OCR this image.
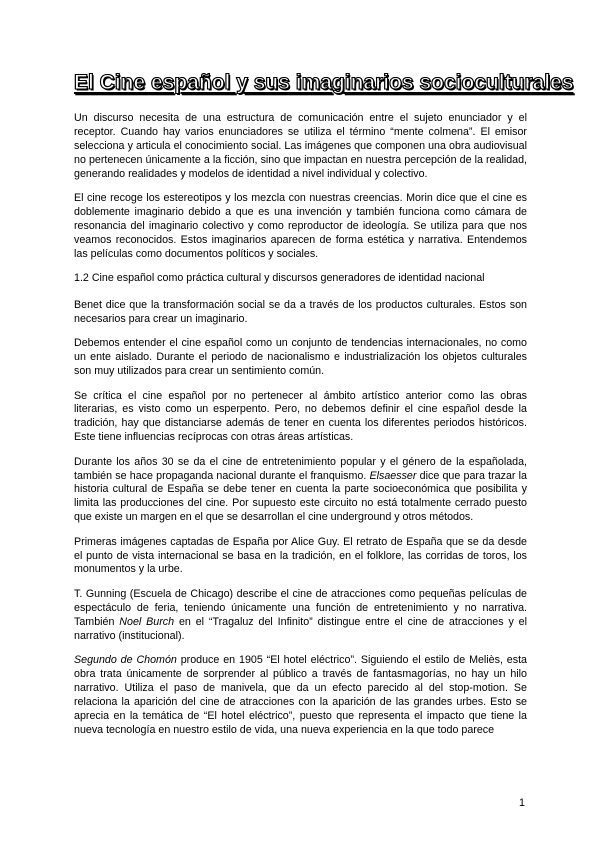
El Cine español y sus imaginarios socioculturales

Un discurso necesita de una estructura de comunicación entre el sujeto enunciador y el receptor. Cuando hay varios enunciadores se utiliza el término “mente colmena”. El emisor selecciona y articula el conocimiento social. Las imágenes que componen una obra audiovisual no pertenecen únicamente a la ficción, sino que impactan en nuestra percepción de la realidad, generando realidades y modelos de identidad a nivel individual y colectivo.

El cine recoge los estereotipos y los mezcla con nuestras creencias. Morin dice que el cine es doblemente imaginario debido a que es una invención y también funciona como cámara de resonancia del imaginario colectivo y como reproductor de ideología. Se utiliza para que nos veamos reconocidos. Estos imaginarios aparecen de forma estética y narrativa. Entendemos las películas como documentos políticos y sociales.

1.2 Cine español como práctica cultural y discursos generadores de identidad nacional

Benet dice que la transformación social se da a través de los productos culturales. Estos son necesarios para crear un imaginario.

Debemos entender el cine español como un conjunto de tendencias internacionales, no como un ente aislado. Durante el periodo de nacionalismo e industrialización los objetos culturales son muy utilizados para crear un sentimiento común.

Se crítica el cine español por no pertenecer al ámbito artístico anterior como las obras literarias, es visto como un esperpento. Pero, no debemos definir el cine español desde la tradición, hay que distanciarse además de tener en cuenta los diferentes periodos históricos. Este tiene influencias recíprocas con otras áreas artísticas.

Durante los años 30 se da el cine de entretenimiento popular y el género de la españolada, también se hace propaganda nacional durante el franquismo. Elsaesser dice que para trazar la historia cultural de España se debe tener en cuenta la parte socioeconómica que posibilita y limita las producciones del cine. Por supuesto este circuito no está totalmente cerrado puesto que existe un margen en el que se desarrollan el cine underground y otros métodos.

Primeras imágenes captadas de España por Alice Guy. El retrato de España que se da desde el punto de vista internacional se basa en la tradición, en el folklore, las corridas de toros, los monumentos y la urbe.

T. Gunning (Escuela de Chicago) describe el cine de atracciones como pequeñas películas de espectáculo de feria, teniendo únicamente una función de entretenimiento y no narrativa. También Noel Burch en el “Tragaluz del Infinito” distingue entre el cine de atracciones y el narrativo (institucional).

Segundo de Chomón produce en 1905 “El hotel eléctrico”. Siguiendo el estilo de Meliès, esta obra trata únicamente de sorprender al público a través de fantasmagorías, no hay un hilo narrativo. Utiliza el paso de manivela, que da un efecto parecido al del stop-motion. Se relaciona la aparición del cine de atracciones con la aparición de las grandes urbes. Esto se aprecia en la temática de “El hotel eléctrico”, puesto que representa el impacto que tiene la nueva tecnología en nuestro estilo de vida, una nueva experiencia en la que todo parece

1
